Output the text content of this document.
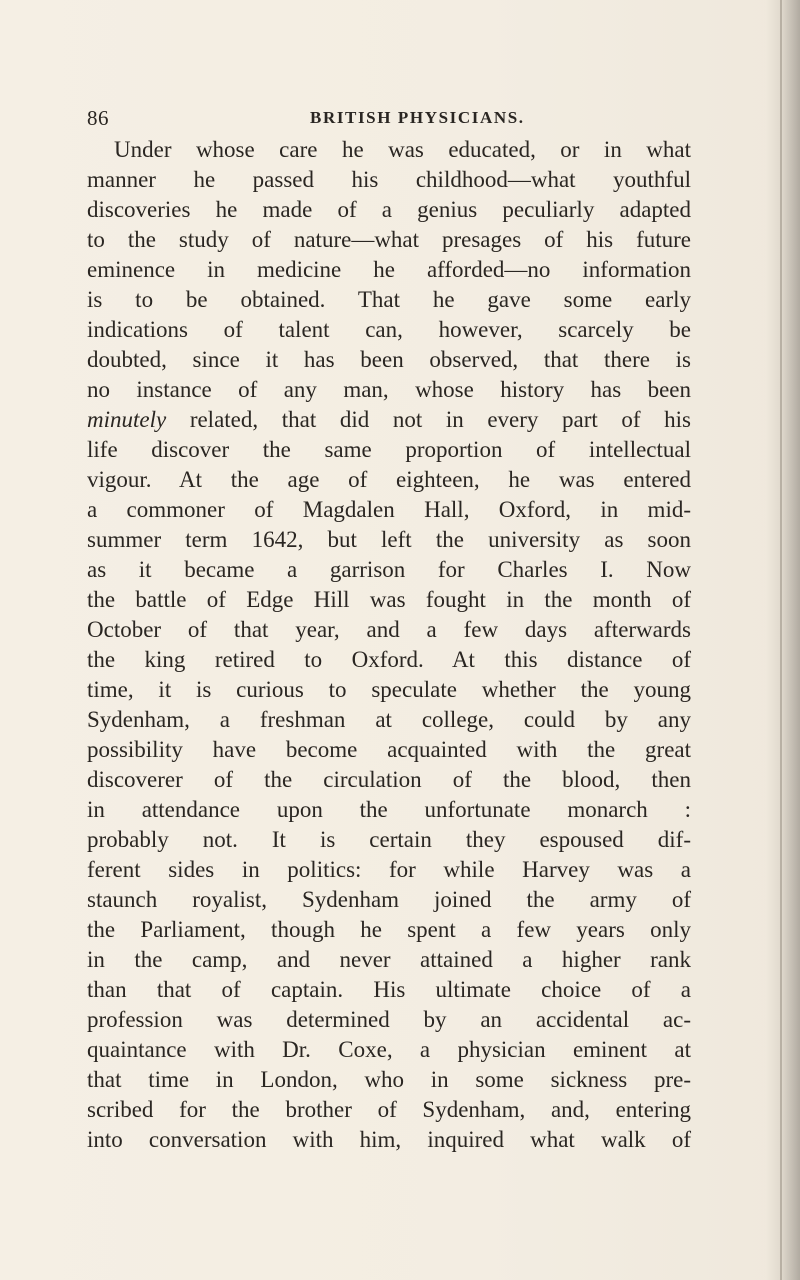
86	BRITISH PHYSICIANS.
Under whose care he was educated, or in what
manner he passed his childhood—what youthful
discoveries he made of a genius peculiarly adapted
to the study of nature—what presages of his future
eminence in medicine he afforded—no information
is to be obtained. That he gave some early
indications of talent can, however, scarcely be
doubted, since it has been observed, that there is
no instance of any man, whose history has been
minutely related, that did not in every part of his
life discover the same proportion of intellectual
vigour. At the age of eighteen, he was entered
a commoner of Magdalen Hall, Oxford, in mid-
summer term 1642, but left the university as soon
as it became a garrison for Charles I. Now
the battle of Edge Hill was fought in the month of
October of that year, and a few days afterwards
the king retired to Oxford. At this distance of
time, it is curious to speculate whether the young
Sydenham, a freshman at college, could by any
possibility have become acquainted with the great
discoverer of the circulation of the blood, then
in attendance upon the unfortunate monarch :
probably not. It is certain they espoused dif-
ferent sides in politics: for while Harvey was a
staunch royalist, Sydenham joined the army of
the Parliament, though he spent a few years only
in the camp, and never attained a higher rank
than that of captain. His ultimate choice of a
profession was determined by an accidental ac-
quaintance with Dr. Coxe, a physician eminent at
that time in London, who in some sickness pre-
scribed for the brother of Sydenham, and, entering
into conversation with him, inquired what walk of
